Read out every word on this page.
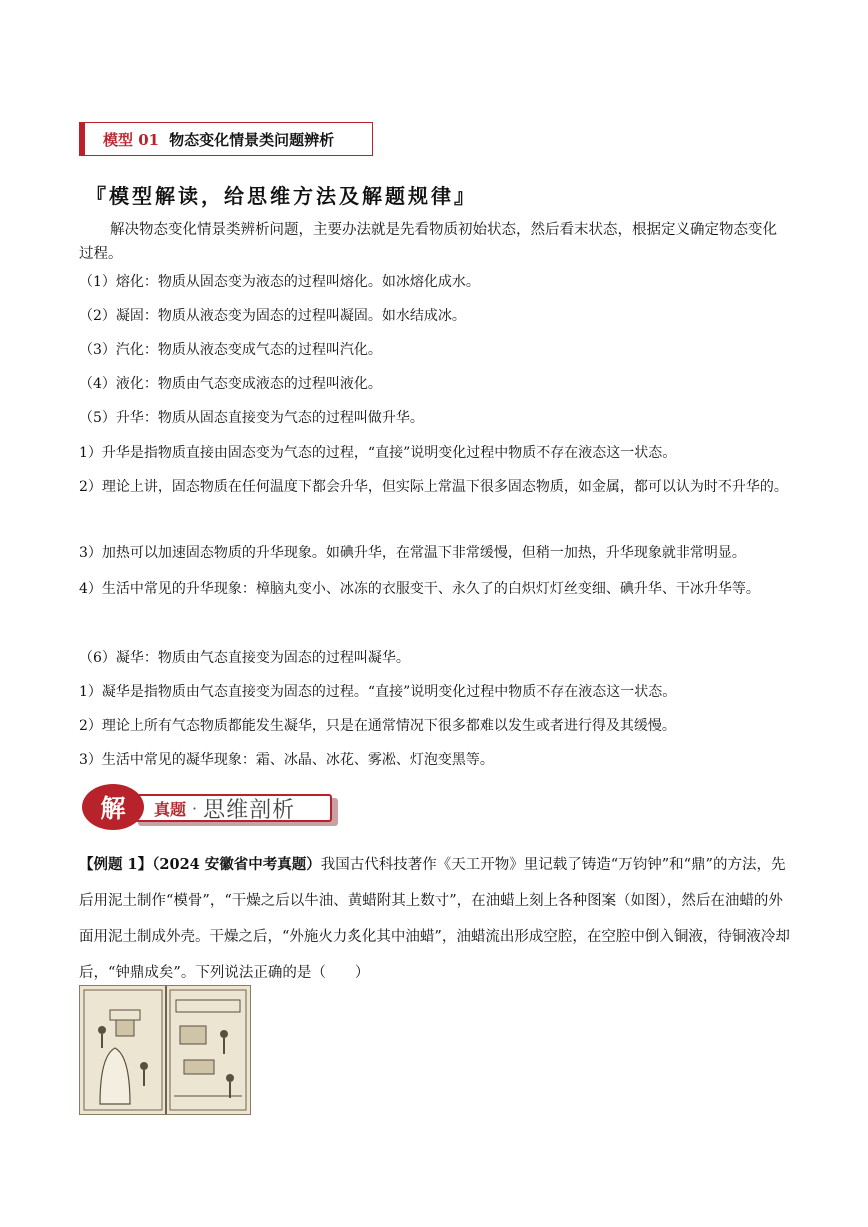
模型 01 物态变化情景类问题辨析
『模型解读，给思维方法及解题规律』
解决物态变化情景类辨析问题，主要办法就是先看物质初始状态，然后看末状态，根据定义确定物态变化过程。
（1）熔化：物质从固态变为液态的过程叫熔化。如冰熔化成水。
（2）凝固：物质从液态变为固态的过程叫凝固。如水结成冰。
（3）汽化：物质从液态变成气态的过程叫汽化。
（4）液化：物质由气态变成液态的过程叫液化。
（5）升华：物质从固态直接变为气态的过程叫做升华。
1）升华是指物质直接由固态变为气态的过程，“直接”说明变化过程中物质不存在液态这一状态。
2）理论上讲，固态物质在任何温度下都会升华，但实际上常温下很多固态物质，如金属，都可以认为时不升华的。
3）加热可以加速固态物质的升华现象。如碘升华，在常温下非常缓慢，但稍一加热，升华现象就非常明显。
4）生活中常见的升华现象：樟脑丸变小、冰冻的衣服变干、永久了的白炽灯灯丝变细、碘升华、干冰升华等。
（6）凝华：物质由气态直接变为固态的过程叫凝华。
1）凝华是指物质由气态直接变为固态的过程。“直接”说明变化过程中物质不存在液态这一状态。
2）理论上所有气态物质都能发生凝华，只是在通常情况下很多都难以发生或者进行得及其缓慢。
3）生活中常见的凝华现象：霜、冰晶、冰花、雾凇、灯泡变黑等。
解	真题 · 思维剖析
【例题 1】（2024 安徽省中考真题）我国古代科技著作《天工开物》里记载了铸造“万钧钟”和“鼎”的方法，先后用泥土制作“模骨”，“干燥之后以牛油、黄蜡附其上数寸”，在油蜡上刻上各种图案（如图），然后在油蜡的外面用泥土制成外壳。干燥之后，“外施火力炙化其中油蜡”，油蜡流出形成空腔，在空腔中倒入铜液，待铜液冷却后，“钟鼎成矣”。下列说法正确的是（　　）
